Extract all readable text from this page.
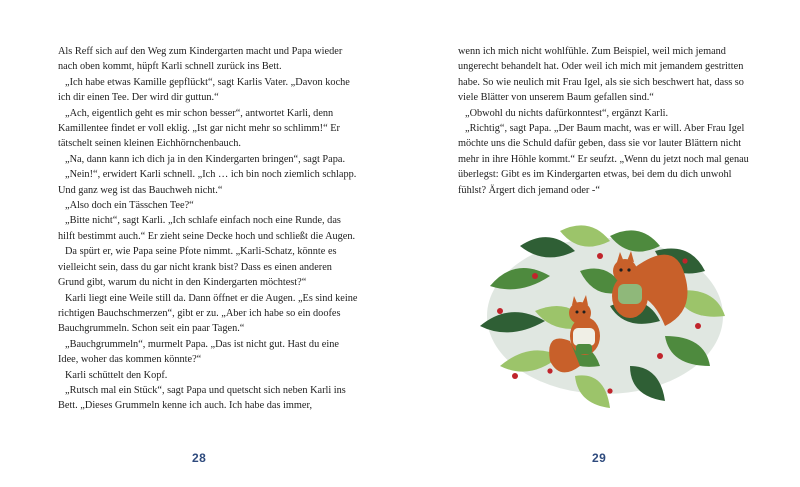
Als Reff sich auf den Weg zum Kindergarten macht und Papa wieder nach oben kommt, hüpft Karli schnell zurück ins Bett.

„Ich habe etwas Kamille gepflückt“, sagt Karlis Vater. „Davon koche ich dir einen Tee. Der wird dir guttun.“

„Ach, eigentlich geht es mir schon besser“, antwortet Karli, denn Kamillentee findet er voll eklig. „Ist gar nicht mehr so schlimm!“ Er tätschelt seinen kleinen Eichhörnchenbauch.

„Na, dann kann ich dich ja in den Kindergarten bringen“, sagt Papa.

„Nein!“, erwidert Karli schnell. „Ich … ich bin noch ziemlich schlapp. Und ganz weg ist das Bauchweh nicht.“

„Also doch ein Tässchen Tee?“

„Bitte nicht“, sagt Karli. „Ich schlafe einfach noch eine Runde, das hilft bestimmt auch.“ Er zieht seine Decke hoch und schließt die Augen.

Da spürt er, wie Papa seine Pfote nimmt. „Karli-Schatz, könnte es vielleicht sein, dass du gar nicht krank bist? Dass es einen anderen Grund gibt, warum du nicht in den Kindergarten möchtest?“

Karli liegt eine Weile still da. Dann öffnet er die Augen. „Es sind keine richtigen Bauchschmerzen“, gibt er zu. „Aber ich habe so ein doofes Bauchgrummeln. Schon seit ein paar Tagen.“

„Bauchgrummeln“, murmelt Papa. „Das ist nicht gut. Hast du eine Idee, woher das kommen könnte?“

Karli schüttelt den Kopf.

„Rutsch mal ein Stück“, sagt Papa und quetscht sich neben Karli ins Bett. „Dieses Grummeln kenne ich auch. Ich habe das immer,

28

wenn ich mich nicht wohlfühle. Zum Beispiel, weil mich jemand ungerecht behandelt hat. Oder weil ich mich mit jemandem gestritten habe. So wie neulich mit Frau Igel, als sie sich beschwert hat, dass so viele Blätter von unserem Baum gefallen sind.“

„Obwohl du nichts dafürkonntest“, ergänzt Karli.

„Richtig“, sagt Papa. „Der Baum macht, was er will. Aber Frau Igel möchte uns die Schuld dafür geben, dass sie vor lauter Blättern nicht mehr in ihre Höhle kommt.“ Er seufzt. „Wenn du jetzt noch mal genau überlegst: Gibt es im Kindergarten etwas, bei dem du dich unwohl fühlst? Ärgert dich jemand oder -“

29
